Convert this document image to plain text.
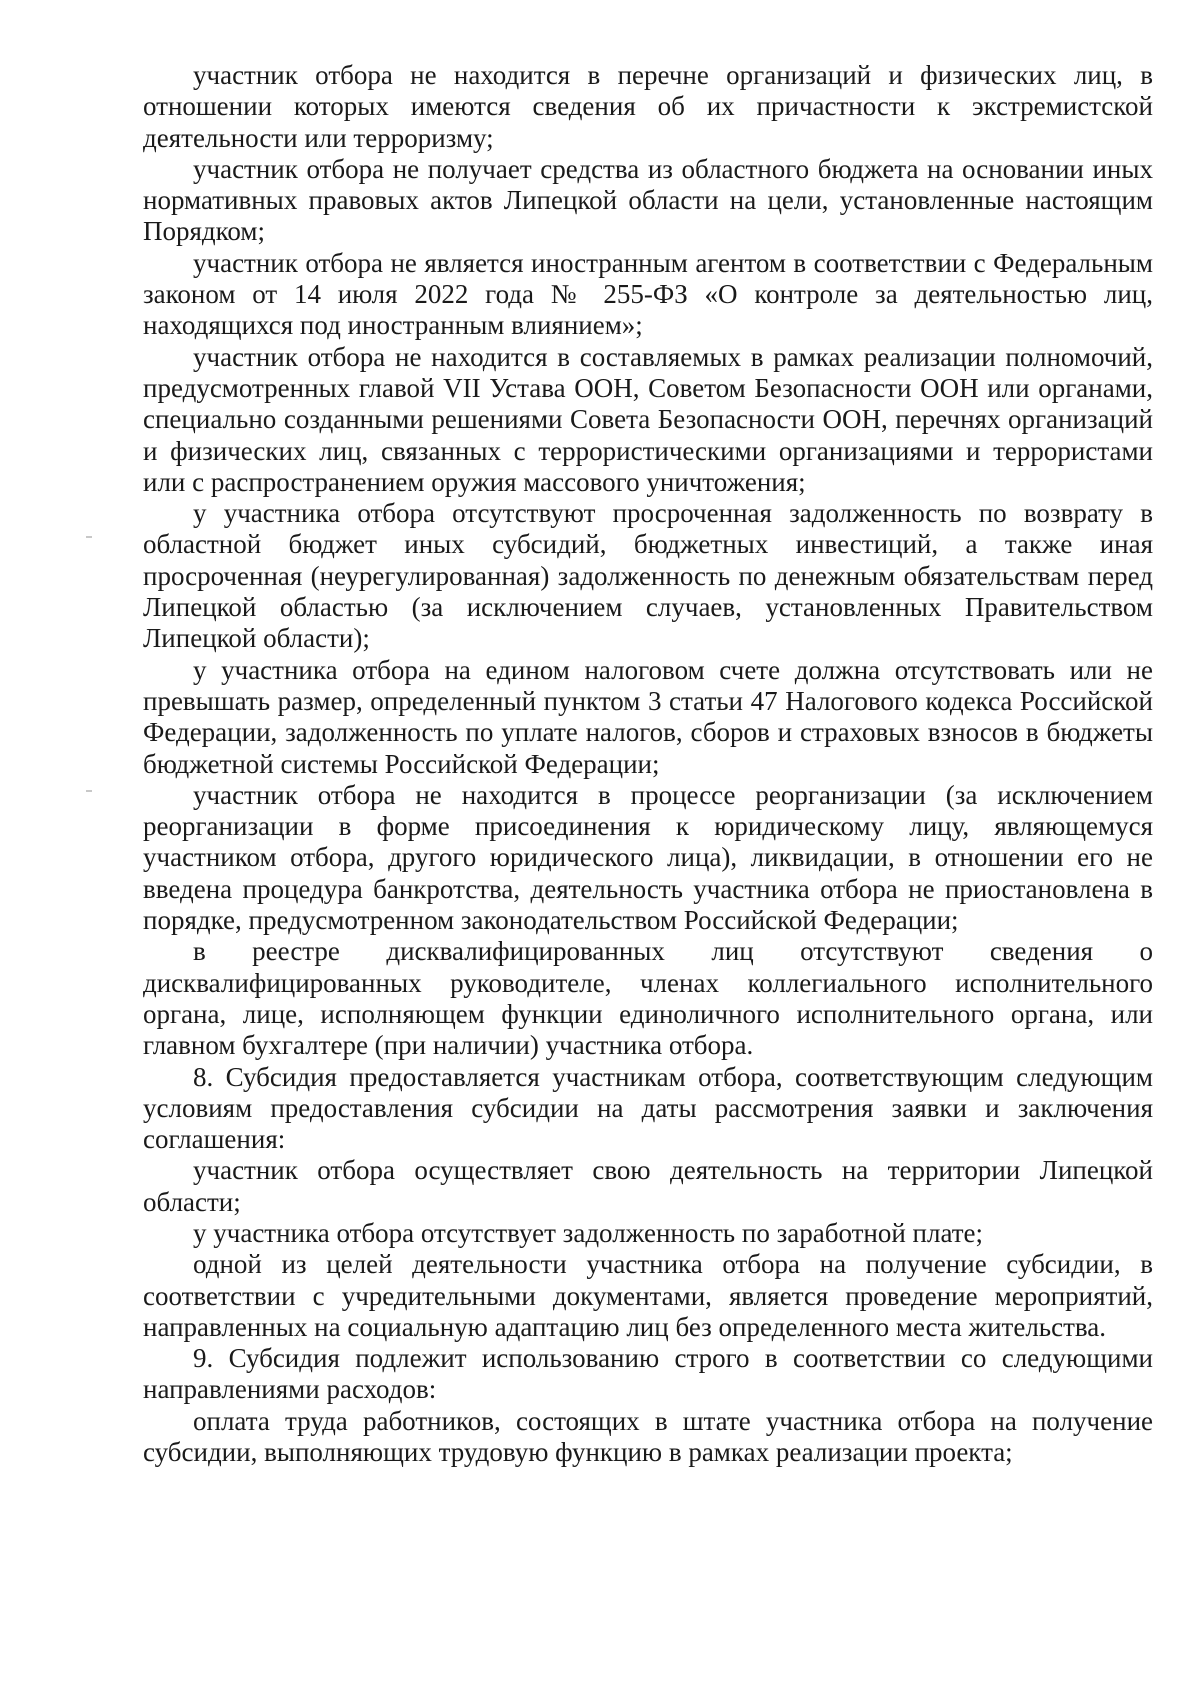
участник отбора не находится в перечне организаций и физических лиц, в отношении которых имеются сведения об их причастности к экстремистской деятельности или терроризму;

участник отбора не получает средства из областного бюджета на основании иных нормативных правовых актов Липецкой области на цели, установленные настоящим Порядком;

участник отбора не является иностранным агентом в соответствии с Федеральным законом от 14 июля 2022 года № 255-ФЗ «О контроле за деятельностью лиц, находящихся под иностранным влиянием»;

участник отбора не находится в составляемых в рамках реализации полномочий, предусмотренных главой VII Устава ООН, Советом Безопасности ООН или органами, специально созданными решениями Совета Безопасности ООН, перечнях организаций и физических лиц, связанных с террористическими организациями и террористами или с распространением оружия массового уничтожения;

у участника отбора отсутствуют просроченная задолженность по возврату в областной бюджет иных субсидий, бюджетных инвестиций, а также иная просроченная (неурегулированная) задолженность по денежным обязательствам перед Липецкой областью (за исключением случаев, установленных Правительством Липецкой области);

у участника отбора на едином налоговом счете должна отсутствовать или не превышать размер, определенный пунктом 3 статьи 47 Налогового кодекса Российской Федерации, задолженность по уплате налогов, сборов и страховых взносов в бюджеты бюджетной системы Российской Федерации;

участник отбора не находится в процессе реорганизации (за исключением реорганизации в форме присоединения к юридическому лицу, являющемуся участником отбора, другого юридического лица), ликвидации, в отношении его не введена процедура банкротства, деятельность участника отбора не приостановлена в порядке, предусмотренном законодательством Российской Федерации;

в реестре дисквалифицированных лиц отсутствуют сведения о дисквалифицированных руководителе, членах коллегиального исполнительного органа, лице, исполняющем функции единоличного исполнительного органа, или главном бухгалтере (при наличии) участника отбора.

8. Субсидия предоставляется участникам отбора, соответствующим следующим условиям предоставления субсидии на даты рассмотрения заявки и заключения соглашения:

участник отбора осуществляет свою деятельность на территории Липецкой области;

у участника отбора отсутствует задолженность по заработной плате;

одной из целей деятельности участника отбора на получение субсидии, в соответствии с учредительными документами, является проведение мероприятий, направленных на социальную адаптацию лиц без определенного места жительства.

9. Субсидия подлежит использованию строго в соответствии со следующими направлениями расходов:

оплата труда работников, состоящих в штате участника отбора на получение субсидии, выполняющих трудовую функцию в рамках реализации проекта;
